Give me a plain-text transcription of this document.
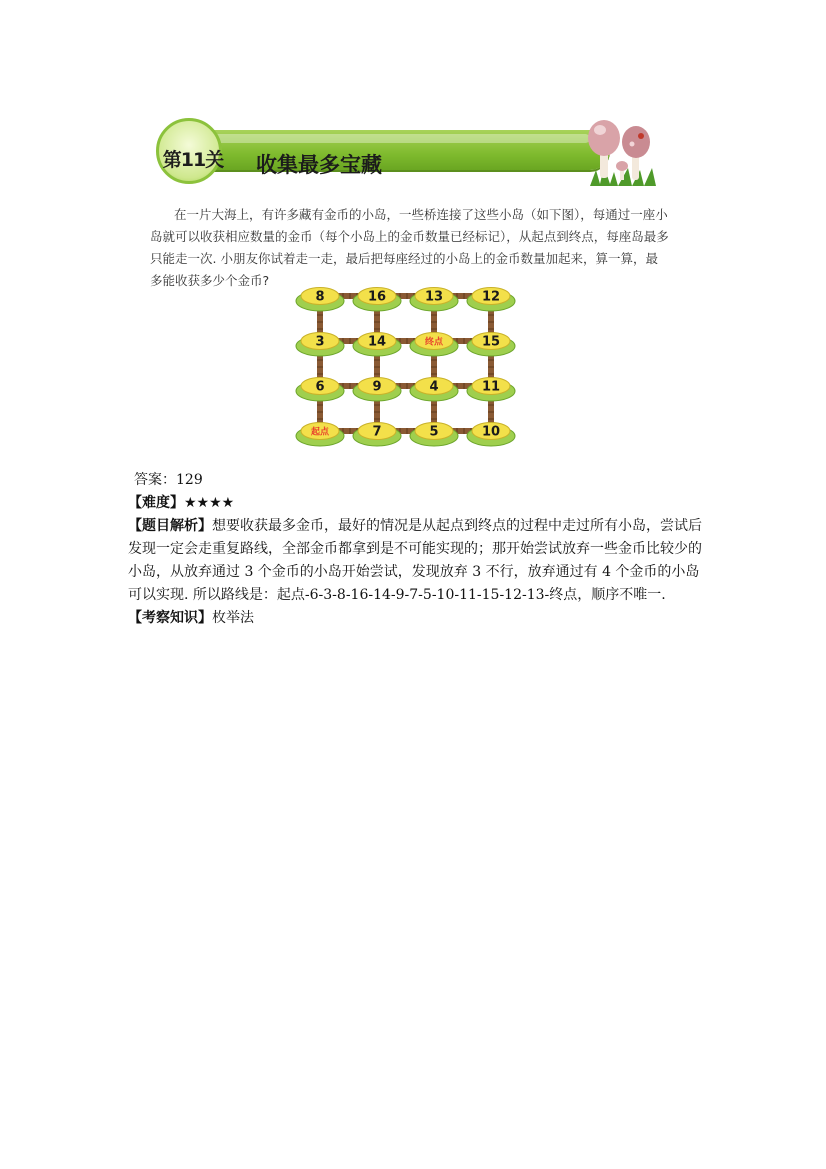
第11关 收集最多宝藏
在一片大海上，有许多藏有金币的小岛，一些桥连接了这些小岛（如下图），每通过一座小岛就可以收获相应数量的金币（每个小岛上的金币数量已经标记），从起点到终点，每座岛最多只能走一次. 小朋友你试着走一走，最后把每座经过的小岛上的金币数量加起来，算一算，最多能收获多少个金币?
8	16	13	12
3	14	终点	15
6	9	4	11
起点	7	5	10

答案：129

【难度】★★★★

【题目解析】想要收获最多金币，最好的情况是从起点到终点的过程中走过所有小岛，尝试后发现一定会走重复路线，全部金币都拿到是不可能实现的；那开始尝试放弃一些金币比较少的小岛，从放弃通过 3 个金币的小岛开始尝试，发现放弃 3 不行，放弃通过有 4 个金币的小岛可以实现. 所以路线是：起点-6-3-8-16-14-9-7-5-10-11-15-12-13-终点，顺序不唯一.

【考察知识】枚举法
